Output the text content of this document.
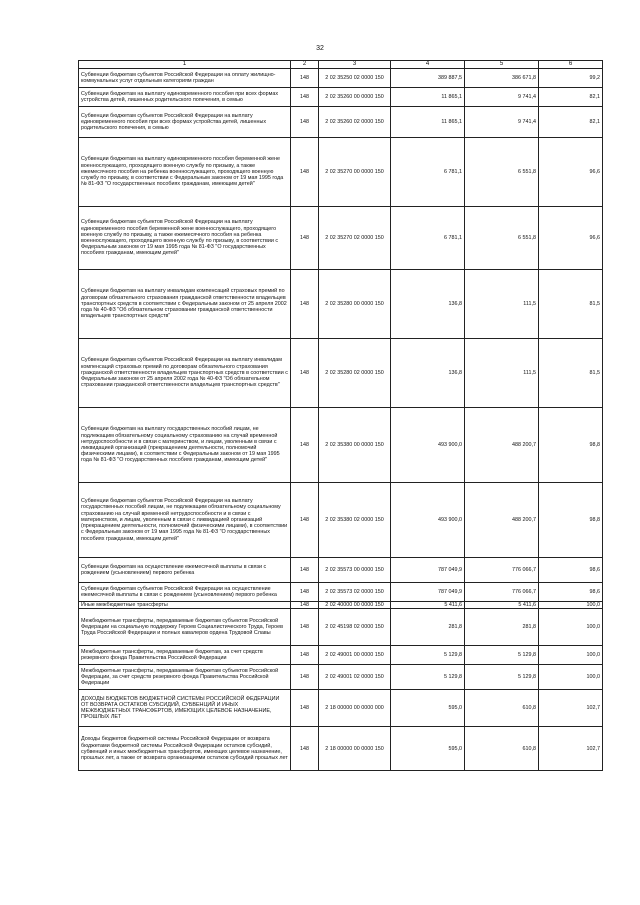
32
1	2	3	4	5	6
Субвенции бюджетам субъектов Российской Федерации на оплату жилищно-коммунальных услуг отдельным категориям граждан	148	2 02 35250 02 0000 150	389 887,5	386 671,8	99,2
Субвенции бюджетам на выплату единовременного пособия при всех формах устройства детей, лишенных родительского попечения, в семью	148	2 02 35260 00 0000 150	11 865,1	9 741,4	82,1
Субвенции бюджетам субъектов Российской Федерации на выплату единовременного пособия при всех формах устройства детей, лишенных родительского попечения, в семью	148	2 02 35260 02 0000 150	11 865,1	9 741,4	82,1
Субвенции бюджетам на выплату единовременного пособия беременной жене военнослужащего, проходящего военную службу по призыву, а также ежемесячного пособия на ребенка военнослужащего, проходящего военную службу по призыву, в соответствии с Федеральным законом от 19 мая 1995 года № 81-ФЗ "О государственных пособиях гражданам, имеющим детей"	148	2 02 35270 00 0000 150	6 781,1	6 551,8	96,6
Субвенции бюджетам субъектов Российской Федерации на выплату единовременного пособия беременной жене военнослужащего, проходящего военную службу по призыву, а также ежемесячного пособия на ребенка военнослужащего, проходящего военную службу по призыву, в соответствии с Федеральным законом от 19 мая 1995 года № 81-ФЗ "О государственных пособиях гражданам, имеющим детей"	148	2 02 35270 02 0000 150	6 781,1	6 551,8	96,6
Субвенции бюджетам на выплату инвалидам компенсаций страховых премий по договорам обязательного страхования гражданской ответственности владельцев транспортных средств в соответствии с Федеральным законом от 25 апреля 2002 года № 40-ФЗ "Об обязательном страховании гражданской ответственности владельцев транспортных средств"	148	2 02 35280 00 0000 150	136,8	111,5	81,5
Субвенции бюджетам субъектов Российской Федерации на выплату инвалидам компенсаций страховых премий по договорам обязательного страхования гражданской ответственности владельцев транспортных средств в соответствии с Федеральным законом от 25 апреля 2002 года № 40-ФЗ "Об обязательном страховании гражданской ответственности владельцев транспортных средств"	148	2 02 35280 02 0000 150	136,8	111,5	81,5
Субвенции бюджетам на выплату государственных пособий лицам, не подлежащим обязательному социальному страхованию на случай временной нетрудоспособности и в связи с материнством, и лицам, уволенным в связи с ликвидацией организаций (прекращением деятельности, полномочий физическими лицами), в соответствии с Федеральным законом от 19 мая 1995 года № 81-ФЗ "О государственных пособиях гражданам, имеющим детей"	148	2 02 35380 00 0000 150	493 900,0	488 200,7	98,8
Субвенции бюджетам субъектов Российской Федерации на выплату государственных пособий лицам, не подлежащим обязательному социальному страхованию на случай временной нетрудоспособности и в связи с материнством, и лицам, уволенным в связи с ликвидацией организаций (прекращением деятельности, полномочий физическими лицами), в соответствии с Федеральным законом от 19 мая 1995 года № 81-ФЗ "О государственных пособиях гражданам, имеющим детей"	148	2 02 35380 02 0000 150	493 900,0	488 200,7	98,8
Субвенции бюджетам на осуществление ежемесячной выплаты в связи с рождением (усыновлением) первого ребенка	148	2 02 35573 00 0000 150	787 049,9	776 066,7	98,6
Субвенции бюджетам субъектов Российской Федерации на осуществление ежемесячной выплаты в связи с рождением (усыновлением) первого ребенка	148	2 02 35573 02 0000 150	787 049,9	776 066,7	98,6
Иные межбюджетные трансферты	148	2 02 40000 00 0000 150	5 411,6	5 411,6	100,0
Межбюджетные трансферты, передаваемые бюджетам субъектов Российской Федерации на социальную поддержку Героев Социалистического Труда, Героев Труда Российской Федерации и полных кавалеров ордена Трудовой Славы	148	2 02 45198 02 0000 150	281,8	281,8	100,0
Межбюджетные трансферты, передаваемые бюджетам, за счет средств резервного фонда Правительства Российской Федерации	148	2 02 49001 00 0000 150	5 129,8	5 129,8	100,0
Межбюджетные трансферты, передаваемые бюджетам субъектов Российской Федерации, за счет средств резервного фонда Правительства Российской Федерации	148	2 02 49001 02 0000 150	5 129,8	5 129,8	100,0
ДОХОДЫ БЮДЖЕТОВ БЮДЖЕТНОЙ СИСТЕМЫ РОССИЙСКОЙ ФЕДЕРАЦИИ ОТ ВОЗВРАТА ОСТАТКОВ СУБСИДИЙ, СУБВЕНЦИЙ И ИНЫХ МЕЖБЮДЖЕТНЫХ ТРАНСФЕРТОВ, ИМЕЮЩИХ ЦЕЛЕВОЕ НАЗНАЧЕНИЕ, ПРОШЛЫХ ЛЕТ	148	2 18 00000 00 0000 000	595,0	610,8	102,7
Доходы бюджетов бюджетной системы Российской Федерации от возврата бюджетами бюджетной системы Российской Федерации остатков субсидий, субвенций и иных межбюджетных трансфертов, имеющих целевое назначение, прошлых лет, а также от возврата организациями остатков субсидий прошлых лет	148	2 18 00000 00 0000 150	595,0	610,8	102,7
